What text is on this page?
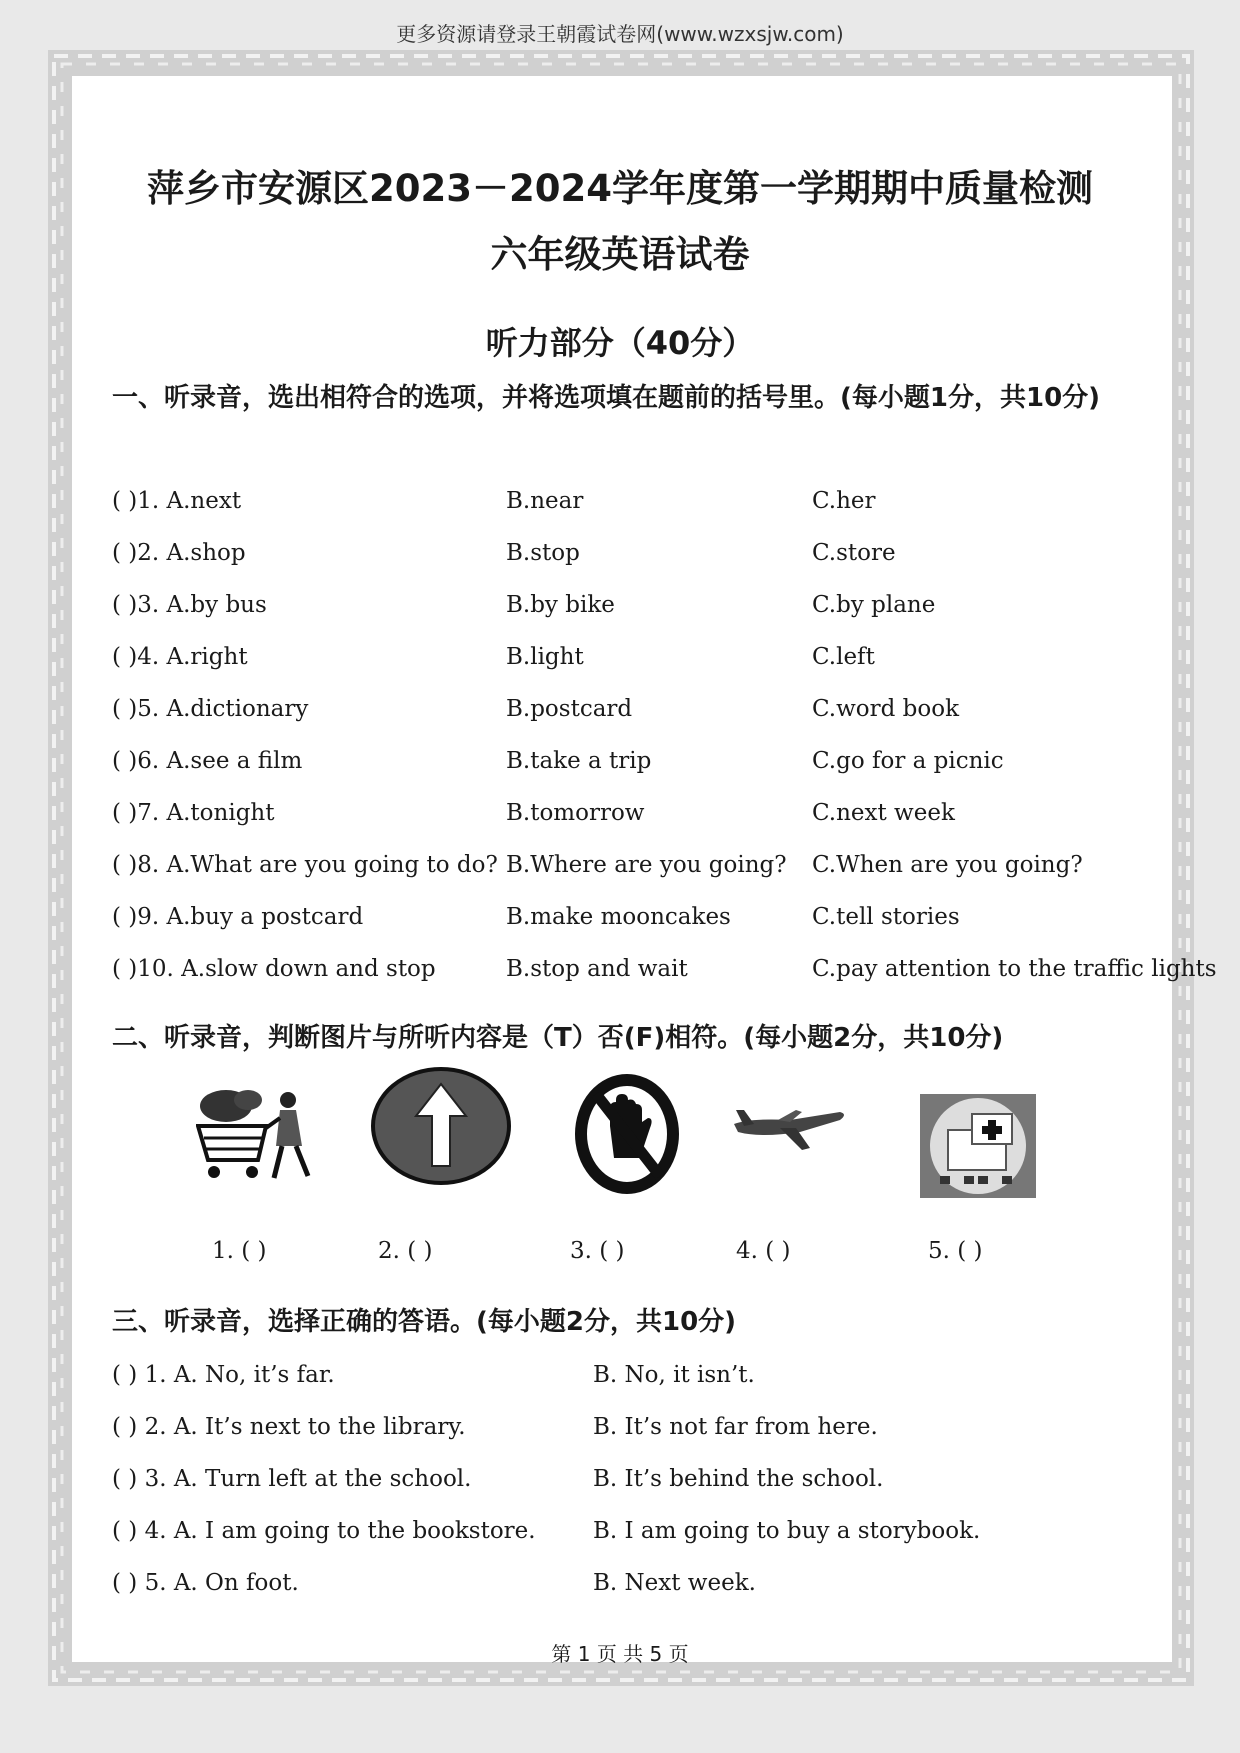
更多资源请登录王朝霞试卷网(www.wzxsjw.com)
萍乡市安源区2023－2024学年度第一学期期中质量检测
六年级英语试卷
听力部分（40分）
一、听录音，选出相符合的选项，并将选项填在题前的括号里。(每小题1分，共10分)
( )1. A.next	B.near	C.her
( )2. A.shop	B.stop	C.store
( )3. A.by bus	B.by bike	C.by plane
( )4. A.right	B.light	C.left
( )5. A.dictionary	B.postcard	C.word book
( )6. A.see a film	B.take a trip	C.go for a picnic
( )7. A.tonight	B.tomorrow	C.next week
( )8. A.What are you going to do? B.Where are you going? C.When are you going?
( )9. A.buy a postcard	B.make mooncakes	C.tell stories
( )10. A.slow down and stop	B.stop and wait	C.pay attention to the traffic lights
二、听录音，判断图片与所听内容是（T）否(F)相符。(每小题2分，共10分)
1. ( )	2. ( )	3. ( )	4. ( )	5. ( )
三、听录音，选择正确的答语。(每小题2分，共10分)
( ) 1. A. No, it’s far.	B. No, it isn’t.
( ) 2. A. It’s next to the library.	B. It’s not far from here.
( ) 3. A. Turn left at the school.	B. It’s behind the school.
( ) 4. A. I am going to the bookstore. B. I am going to buy a storybook.
( ) 5. A. On foot.	B. Next week.
第 1 页 共 5 页
